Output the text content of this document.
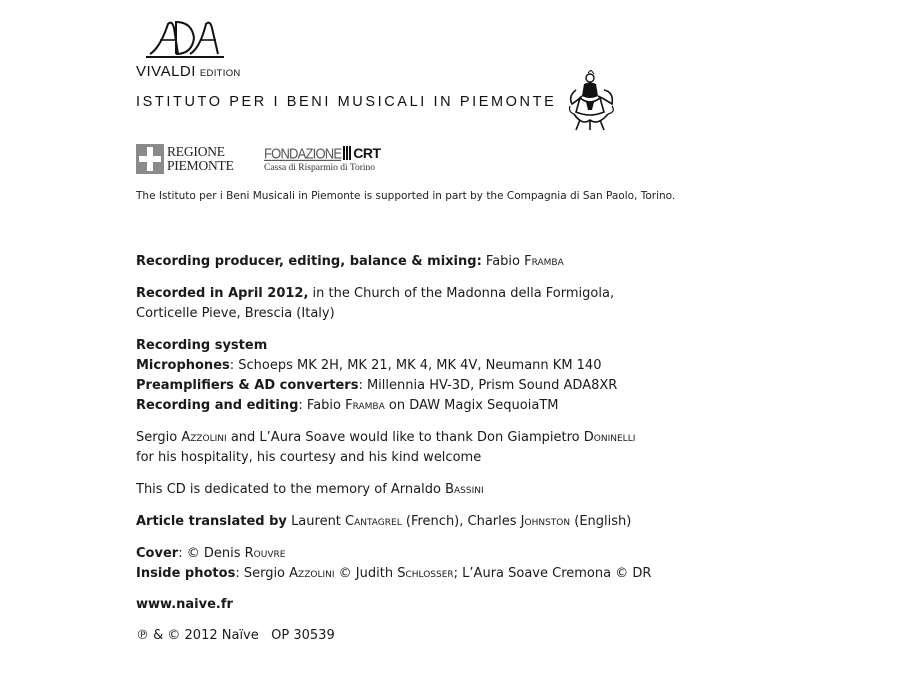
VIVALDI EDITION
ISTITUTO PER I BENI MUSICALI IN PIEMONTE
REGIONE
PIEMONTE
FONDAZIONE CRT
Cassa di Risparmio di Torino
The Istituto per i Beni Musicali in Piemonte is supported in part by the Compagnia di San Paolo, Torino.

Recording producer, editing, balance & mixing: Fabio Framba

Recorded in April 2012, in the Church of the Madonna della Formigola,

Corticelle Pieve, Brescia (Italy)

Recording system

Microphones: Schoeps MK 2H, MK 21, MK 4, MK 4V, Neumann KM 140

Preamplifiers & AD converters: Millennia HV-3D, Prism Sound ADA8XR

Recording and editing: Fabio Framba on DAW Magix SequoiaTM

Sergio Azzolini and L’Aura Soave would like to thank Don Giampietro Doninelli

for his hospitality, his courtesy and his kind welcome

This CD is dedicated to the memory of Arnaldo Bassini

Article translated by Laurent Cantagrel (French), Charles Johnston (English)

Cover: © Denis Rouvre

Inside photos: Sergio Azzolini © Judith Schlosser; L’Aura Soave Cremona © DR

www.naive.fr

℗ & © 2012 Naïve OP 30539
